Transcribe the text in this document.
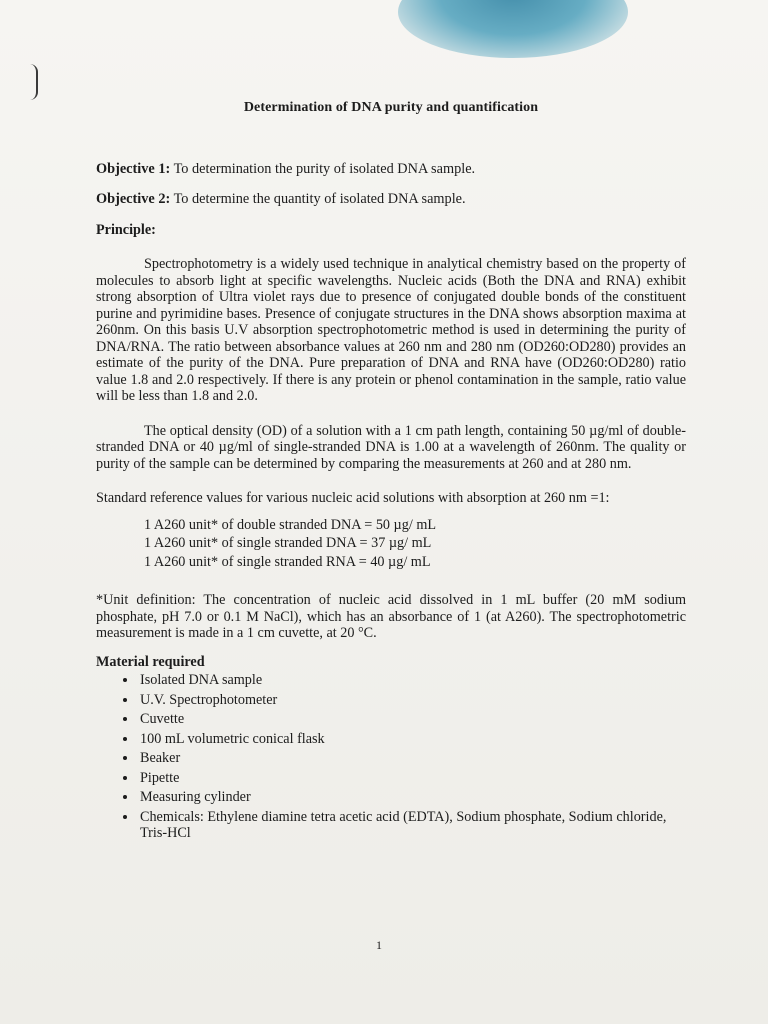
Determination of DNA purity and quantification

Objective 1: To determination the purity of isolated DNA sample.

Objective 2: To determine the quantity of isolated DNA sample.

Principle:

Spectrophotometry is a widely used technique in analytical chemistry based on the property of molecules to absorb light at specific wavelengths. Nucleic acids (Both the DNA and RNA) exhibit strong absorption of Ultra violet rays due to presence of conjugated double bonds of the constituent purine and pyrimidine bases. Presence of conjugate structures in the DNA shows absorption maxima at 260nm. On this basis U.V absorption spectrophotometric method is used in determining the purity of DNA/RNA. The ratio between absorbance values at 260 nm and 280 nm (OD260:OD280) provides an estimate of the purity of the DNA. Pure preparation of DNA and RNA have (OD260:OD280) ratio value 1.8 and 2.0 respectively. If there is any protein or phenol contamination in the sample, ratio value will be less than 1.8 and 2.0.

The optical density (OD) of a solution with a 1 cm path length, containing 50 µg/ml of double-stranded DNA or 40 µg/ml of single-stranded DNA is 1.00 at a wavelength of 260nm. The quality or purity of the sample can be determined by comparing the measurements at 260 and at 280 nm.

Standard reference values for various nucleic acid solutions with absorption at 260 nm =1:

1 A260 unit* of double stranded DNA = 50 µg/ mL
1 A260 unit* of single stranded DNA = 37 µg/ mL
1 A260 unit* of single stranded RNA = 40 µg/ mL

*Unit definition: The concentration of nucleic acid dissolved in 1 mL buffer (20 mM sodium phosphate, pH 7.0 or 0.1 M NaCl), which has an absorbance of 1 (at A260). The spectrophotometric measurement is made in a 1 cm cuvette, at 20 °C.

Material required
• Isolated DNA sample
• U.V. Spectrophotometer
• Cuvette
• 100 mL volumetric conical flask
• Beaker
• Pipette
• Measuring cylinder
• Chemicals: Ethylene diamine tetra acetic acid (EDTA), Sodium phosphate, Sodium chloride, Tris-HCl
1
